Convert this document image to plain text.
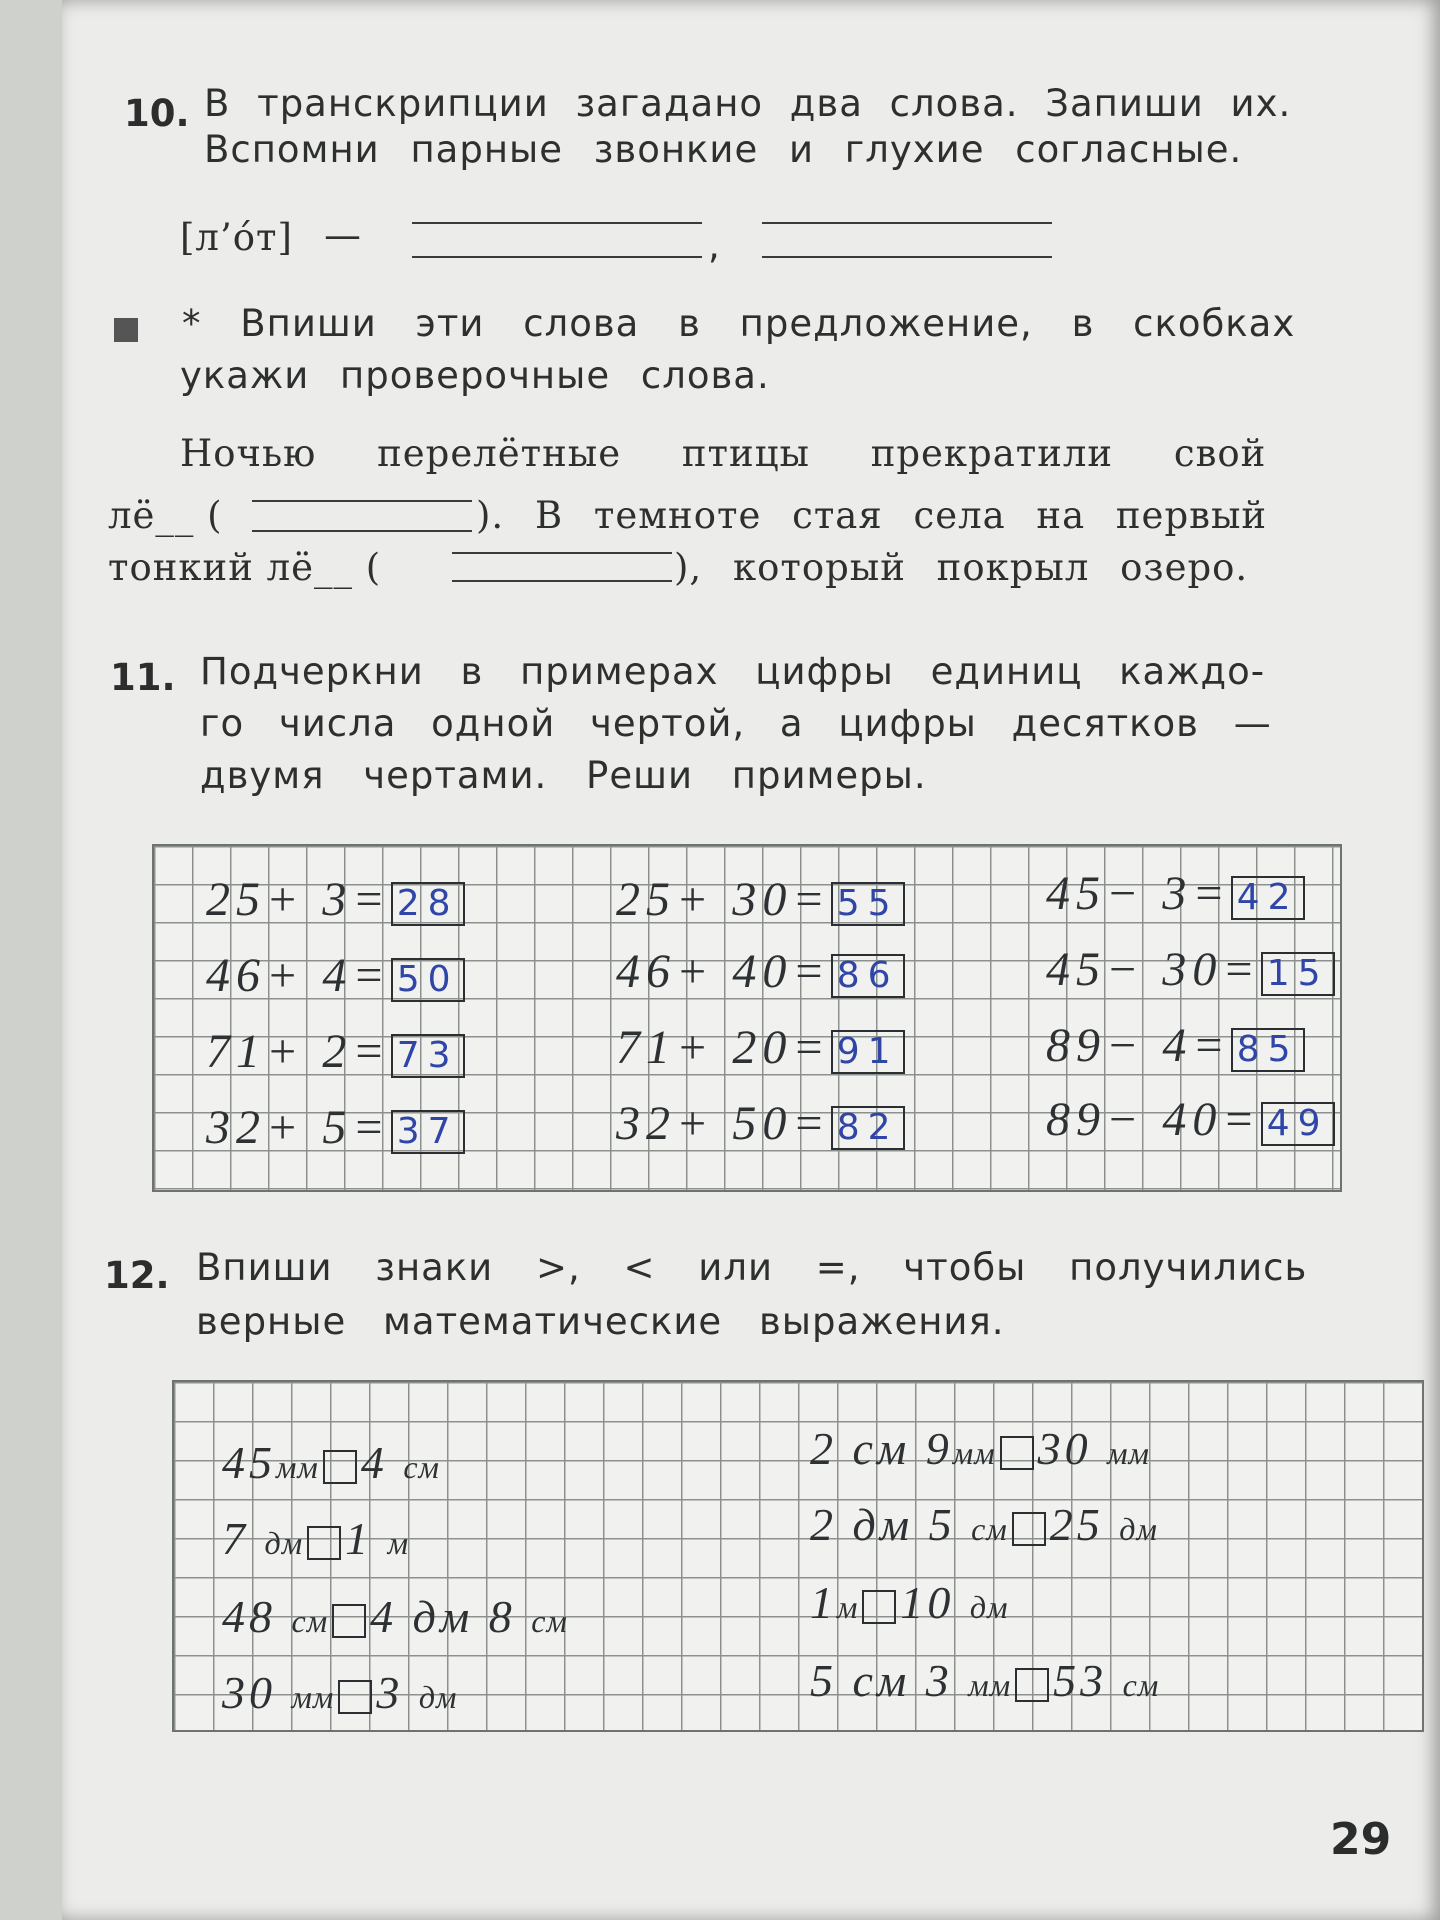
10. В транскрипции загадано два слова. Запиши их.
Вспомни парные звонкие и глухие согласные.
[л’о́т] —	,
* Впиши эти слова в предложение, в скобках
укажи проверочные слова.
Ночью перелётные птицы прекратили свой
лё__ (	). В темноте стая села на первый
тонкий лё__ (	), который покрыл озеро.
11. Подчеркни в примерах цифры единиц каждо-
го числа одной чертой, а цифры десятков —
двумя чертами. Реши примеры.
25+ 3= 28	25+ 30= 55	45− 3= 42
46+ 4= 50	46+ 40= 86	45− 30= 15
71+ 2= 73	71+ 20= 91	89− 4= 85
32+ 5= 37	32+ 50= 82	89− 40= 49
12. Впиши знаки >, < или =, чтобы получились
верные математические выражения.
45мм 4 см	2 см 9мм 30 мм
7 дм 1 м	2 дм 5 см 25 дм
48 см 4 дм 8 см	1м 10 дм
30 мм 3 дм	5 см 3 мм 53 см
29
